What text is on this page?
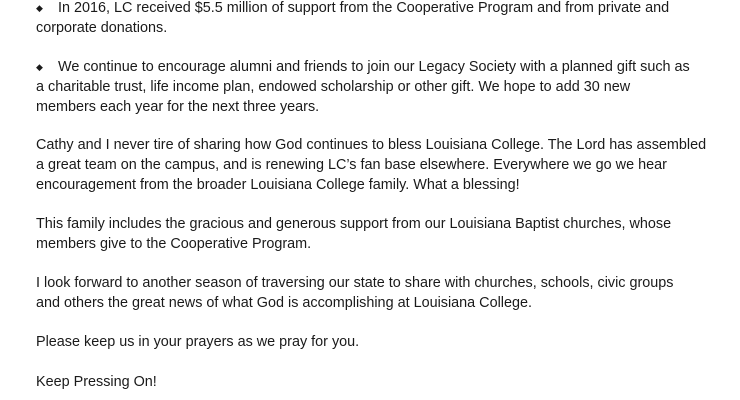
◆ In 2016, LC received $5.5 million of support from the Cooperative Program and from private and
corporate donations.
◆ We continue to encourage alumni and friends to join our Legacy Society with a planned gift such as
a charitable trust, life income plan, endowed scholarship or other gift. We hope to add 30 new
members each year for the next three years.
Cathy and I never tire of sharing how God continues to bless Louisiana College. The Lord has assembled
a great team on the campus, and is renewing LC’s fan base elsewhere. Everywhere we go we hear
encouragement from the broader Louisiana College family. What a blessing!
This family includes the gracious and generous support from our Louisiana Baptist churches, whose
members give to the Cooperative Program.
I look forward to another season of traversing our state to share with churches, schools, civic groups
and others the great news of what God is accomplishing at Louisiana College.
Please keep us in your prayers as we pray for you.
Keep Pressing On!
